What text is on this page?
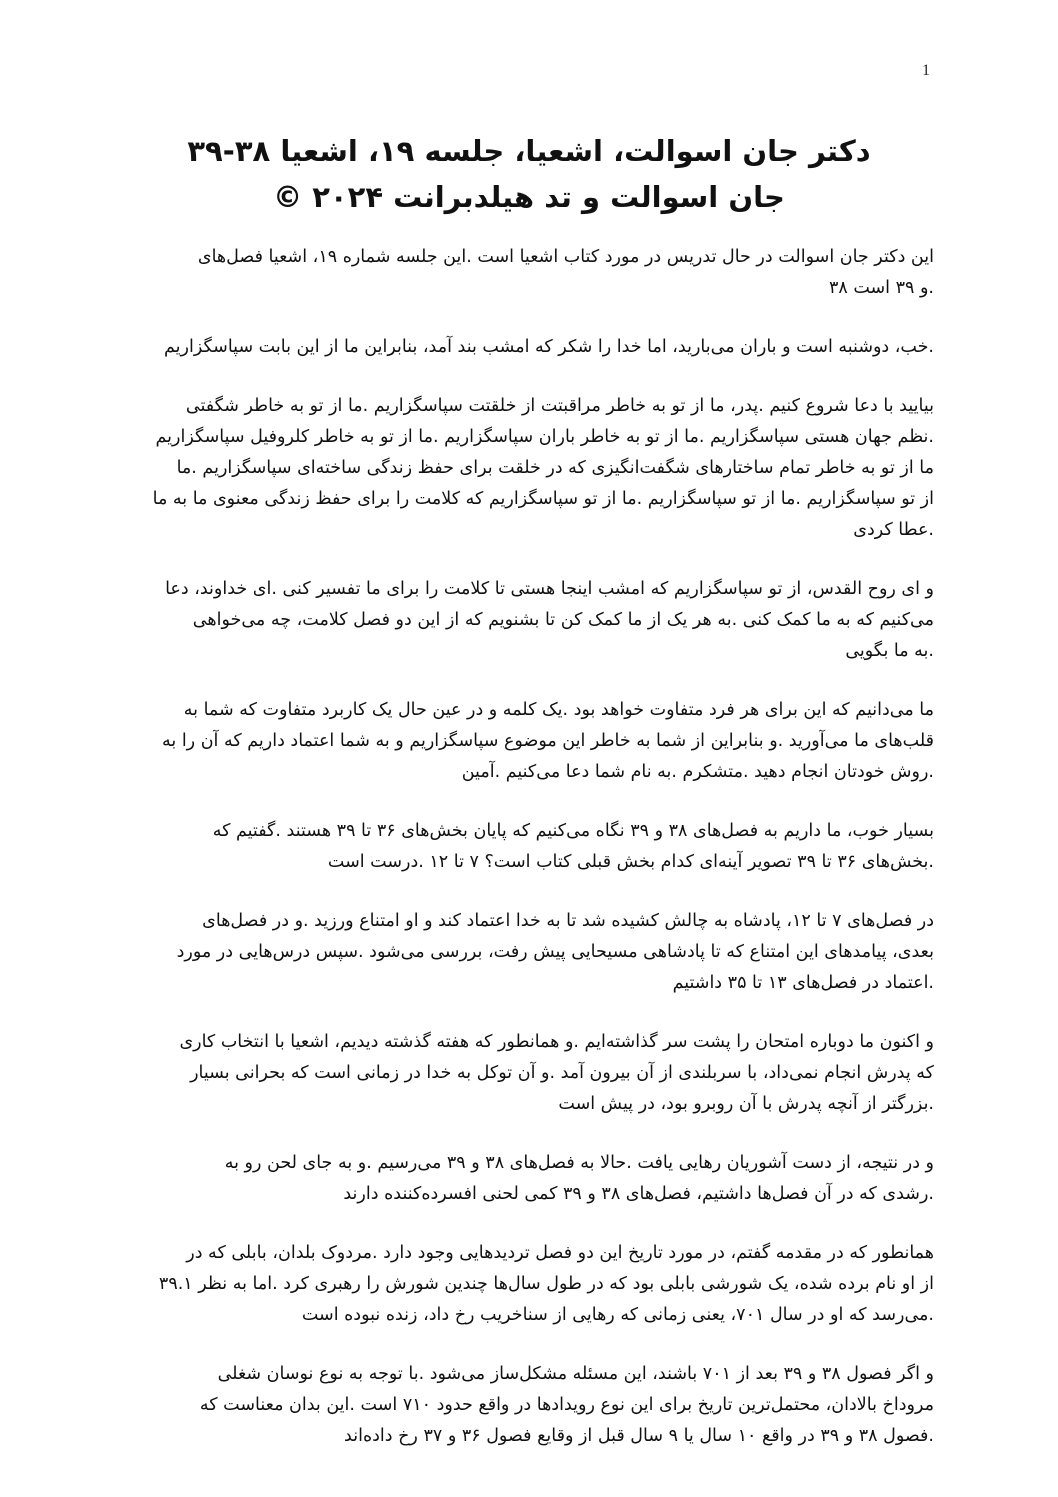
1
دکتر جان اسوالت، اشعیا، جلسه ۱۹، اشعیا ۳۸-۳۹
جان اسوالت و تد هیلدبرانت ۲۰۲۴ ©
این دکتر جان اسوالت در حال تدریس در مورد کتاب اشعیا است .این جلسه شماره ۱۹، اشعیا فصل‌های
.و ۳۹ است ۳۸
.خب، دوشنبه است و باران می‌بارید، اما خدا را شکر که امشب بند آمد، بنابراین ما از این بابت سپاسگزاریم
بیایید با دعا شروع کنیم .پدر، ما از تو به خاطر مراقبتت از خلقتت سپاسگزاریم .ما از تو به خاطر شگفتی
.نظم جهان هستی سپاسگزاریم .ما از تو به خاطر باران سپاسگزاریم .ما از تو به خاطر کلروفیل سپاسگزاریم
ما از تو به خاطر تمام ساختارهای شگفت‌انگیزی که در خلقت برای حفظ زندگی ساخته‌ای سپاسگزاریم .ما
از تو سپاسگزاریم .ما از تو سپاسگزاریم .ما از تو سپاسگزاریم که کلامت را برای حفظ زندگی معنوی ما به ما
.عطا کردی
و ای روح القدس، از تو سپاسگزاریم که امشب اینجا هستی تا کلامت را برای ما تفسیر کنی .ای خداوند، دعا
می‌کنیم که به ما کمک کنی .به هر یک از ما کمک کن تا بشنویم که از این دو فصل کلامت، چه می‌خواهی
.به ما بگویی
ما می‌دانیم که این برای هر فرد متفاوت خواهد بود .یک کلمه و در عین حال یک کاربرد متفاوت که شما به
قلب‌های ما می‌آورید .و بنابراین از شما به خاطر این موضوع سپاسگزاریم و به شما اعتماد داریم که آن را به
.روش خودتان انجام دهید .متشکرم .به نام شما دعا می‌کنیم .آمین
بسیار خوب، ما داریم به فصل‌های ۳۸ و ۳۹ نگاه می‌کنیم که پایان بخش‌های ۳۶ تا ۳۹ هستند .گفتیم که
.بخش‌های ۳۶ تا ۳۹ تصویر آینه‌ای کدام بخش قبلی کتاب است؟ ۷ تا ۱۲ .درست است
در فصل‌های ۷ تا ۱۲، پادشاه به چالش کشیده شد تا به خدا اعتماد کند و او امتناع ورزید .و در فصل‌های
بعدی، پیامدهای این امتناع که تا پادشاهی مسیحایی پیش رفت، بررسی می‌شود .سپس درس‌هایی در مورد
.اعتماد در فصل‌های ۱۳ تا ۳۵ داشتیم
و اکنون ما دوباره امتحان را پشت سر گذاشته‌ایم .و همانطور که هفته گذشته دیدیم، اشعیا با انتخاب کاری
که پدرش انجام نمی‌داد، با سربلندی از آن بیرون آمد .و آن توکل به خدا در زمانی است که بحرانی بسیار
.بزرگتر از آنچه پدرش با آن روبرو بود، در پیش است
و در نتیجه، از دست آشوریان رهایی یافت .حالا به فصل‌های ۳۸ و ۳۹ می‌رسیم .و به جای لحن رو به
.رشدی که در آن فصل‌ها داشتیم، فصل‌های ۳۸ و ۳۹ کمی لحنی افسرده‌کننده دارند
همانطور که در مقدمه گفتم، در مورد تاریخ این دو فصل تردیدهایی وجود دارد .مردوک بلدان، بابلی که در
از او نام برده شده، یک شورشی بابلی بود که در طول سال‌ها چندین شورش را رهبری کرد .اما به نظر ۳۹.۱
.می‌رسد که او در سال ۷۰۱، یعنی زمانی که رهایی از سناخریب رخ داد، زنده نبوده است
و اگر فصول ۳۸ و ۳۹ بعد از ۷۰۱ باشند، این مسئله مشکل‌ساز می‌شود .با توجه به نوع نوسان شغلی
مروداخ بالادان، محتمل‌ترین تاریخ برای این نوع رویدادها در واقع حدود ۷۱۰ است .این بدان معناست که
.فصول ۳۸ و ۳۹ در واقع ۱۰ سال یا ۹ سال قبل از وقایع فصول ۳۶ و ۳۷ رخ داده‌اند
